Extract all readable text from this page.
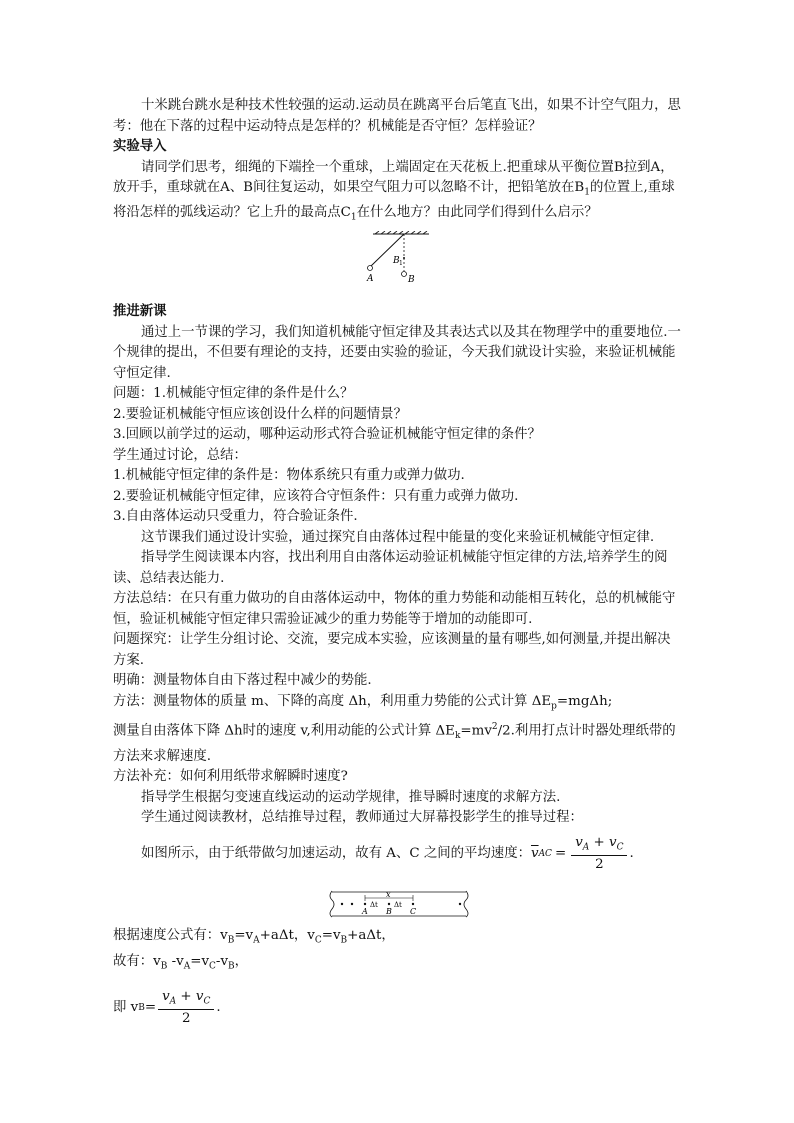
十米跳台跳水是种技术性较强的运动.运动员在跳离平台后笔直飞出，如果不计空气阻力，思考：他在下落的过程中运动特点是怎样的？机械能是否守恒？怎样验证？

实验导入

请同学们思考，细绳的下端拴一个重球，上端固定在天花板上.把重球从平衡位置B拉到A，放开手，重球就在A、B间往复运动，如果空气阻力可以忽略不计，把铅笔放在$B_1$的位置上,重球将沿怎样的弧线运动？它上升的最高点$C_1$在什么地方？由此同学们得到什么启示？

A
B 1
B

推进新课

通过上一节课的学习，我们知道机械能守恒定律及其表达式以及其在物理学中的重要地位.一个规律的提出，不但要有理论的支持，还要由实验的验证，今天我们就设计实验，来验证机械能守恒定律.

问题：1.机械能守恒定律的条件是什么？

2.要验证机械能守恒应该创设什么样的问题情景？

3.回顾以前学过的运动，哪种运动形式符合验证机械能守恒定律的条件？

学生通过讨论，总结：

1.机械能守恒定律的条件是：物体系统只有重力或弹力做功.

2.要验证机械能守恒定律，应该符合守恒条件：只有重力或弹力做功.

3.自由落体运动只受重力，符合验证条件.

这节课我们通过设计实验，通过探究自由落体过程中能量的变化来验证机械能守恒定律.

指导学生阅读课本内容，找出利用自由落体运动验证机械能守恒定律的方法,培养学生的阅读、总结表达能力.

方法总结：在只有重力做功的自由落体运动中，物体的重力势能和动能相互转化，总的机械能守恒，验证机械能守恒定律只需验证减少的重力势能等于增加的动能即可.

问题探究：让学生分组讨论、交流，要完成本实验，应该测量的量有哪些,如何测量,并提出解决方案.

明确：测量物体自由下落过程中减少的势能.

方法：测量物体的质量 m、下降的高度 Δh，利用重力势能的公式计算 $\Delta E_p=mg\Delta h$;

测量自由落体下降 Δh时的速度 v,利用动能的公式计算 $\Delta E_k=mv^2/2$.利用打点计时器处理纸带的方法来求解速度.

方法补充：如何利用纸带求解瞬时速度?

指导学生根据匀变速直线运动的运动学规律，推导瞬时速度的求解方法.

学生通过阅读教材，总结推导过程，教师通过大屏幕投影学生的推导过程：

如图所示，由于纸带做匀加速运动，故有 A、C 之间的平均速度： $\overline{v}$ AC = $\frac{v_A + v_C}{2}$ .
x
Δt Δt
A B C

根据速度公式有：$v_B=v_A+a\Delta t$，$v_C=v_B+a\Delta t$，

故有：$v_B$ $-v_A=v_C-v_B$，

即 v $B = \frac{v_A + v_C}{2}$ .
